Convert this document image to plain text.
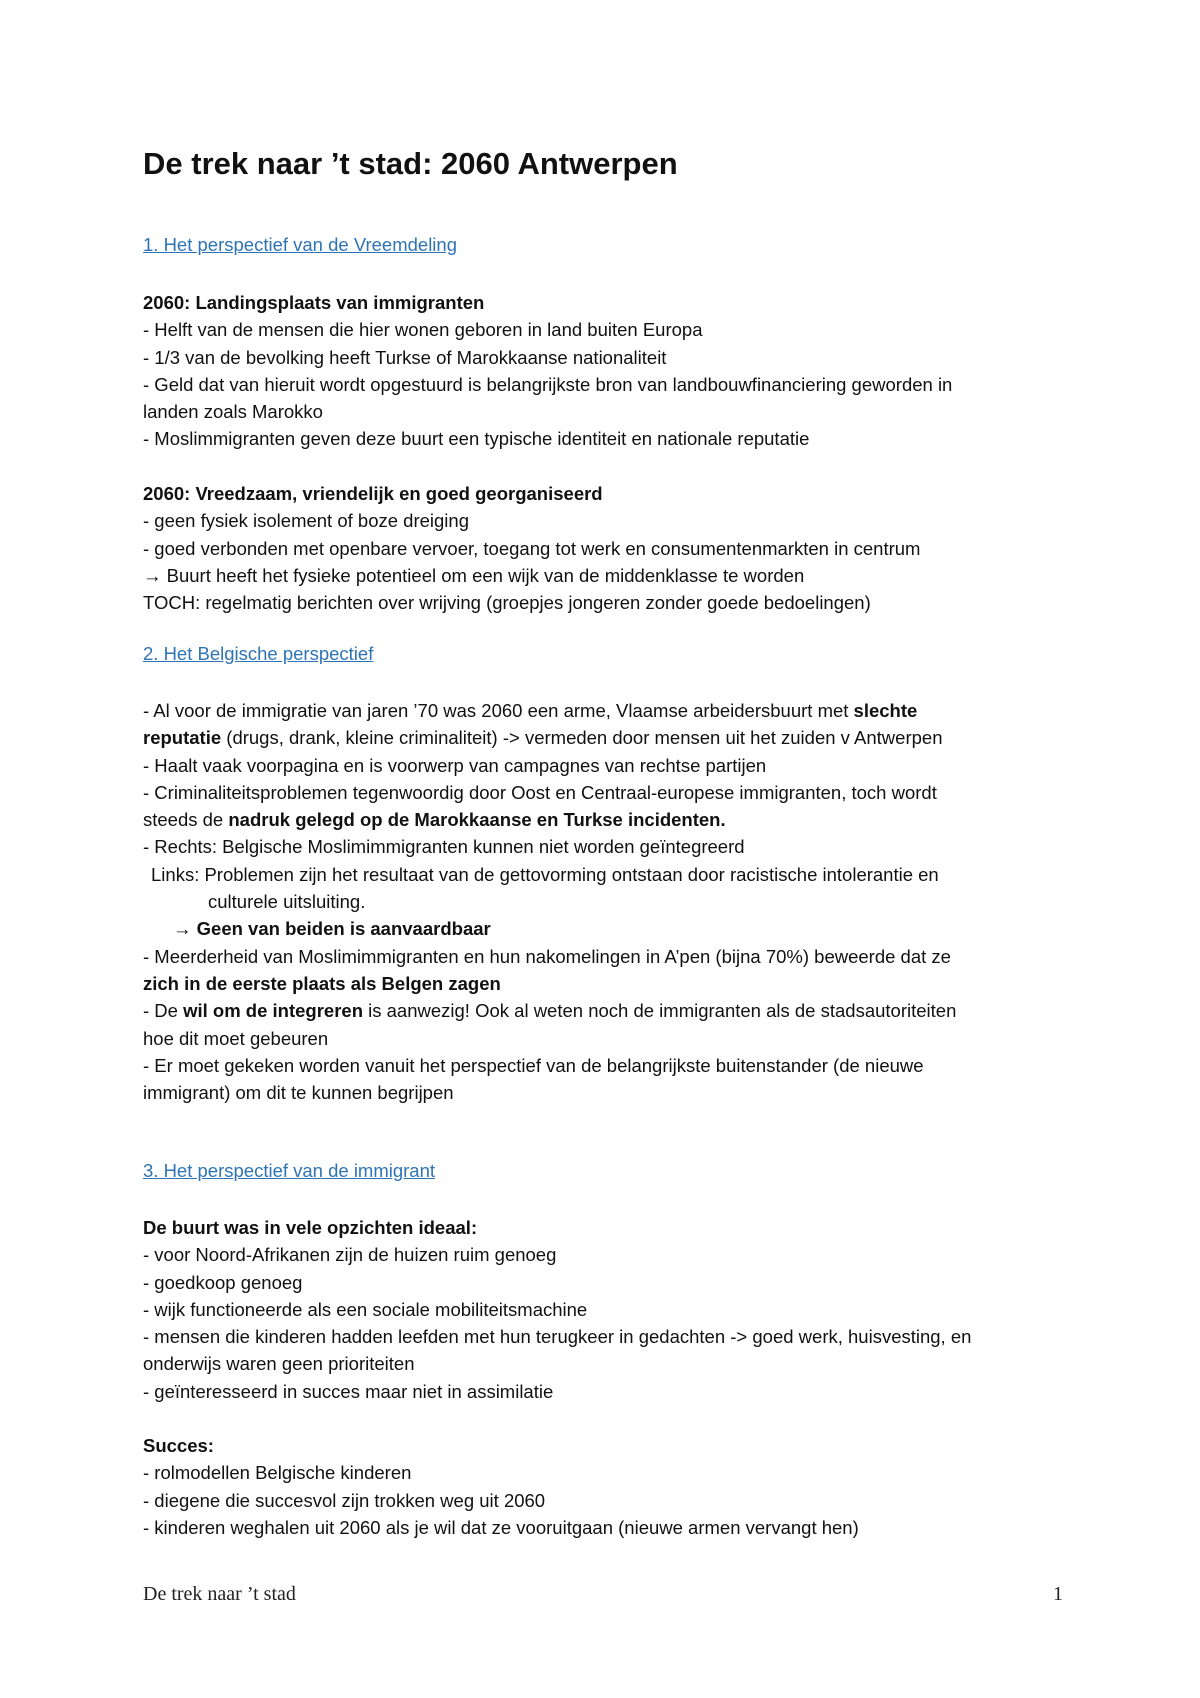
De trek naar ’t stad: 2060 Antwerpen
1. Het perspectief van de Vreemdeling

2060: Landingsplaats van immigranten

- Helft van de mensen die hier wonen geboren in land buiten Europa

- 1/3 van de bevolking heeft Turkse of Marokkaanse nationaliteit

- Geld dat van hieruit wordt opgestuurd is belangrijkste bron van landbouwfinanciering geworden in

landen zoals Marokko

- Moslimmigranten geven deze buurt een typische identiteit en nationale reputatie

2060: Vreedzaam, vriendelijk en goed georganiseerd

- geen fysiek isolement of boze dreiging

- goed verbonden met openbare vervoer, toegang tot werk en consumentenmarkten in centrum

→ Buurt heeft het fysieke potentieel om een wijk van de middenklasse te worden

TOCH: regelmatig berichten over wrijving (groepjes jongeren zonder goede bedoelingen)

2. Het Belgische perspectief

- Al voor de immigratie van jaren ’70 was 2060 een arme, Vlaamse arbeidersbuurt met slechte

reputatie (drugs, drank, kleine criminaliteit) -> vermeden door mensen uit het zuiden v Antwerpen

- Haalt vaak voorpagina en is voorwerp van campagnes van rechtse partijen

- Criminaliteitsproblemen tegenwoordig door Oost en Centraal-europese immigranten, toch wordt

steeds de nadruk gelegd op de Marokkaanse en Turkse incidenten.

- Rechts: Belgische Moslimimmigranten kunnen niet worden geïntegreerd

Links: Problemen zijn het resultaat van de gettovorming ontstaan door racistische intolerantie en

culturele uitsluiting.

→ Geen van beiden is aanvaardbaar

- Meerderheid van Moslimimmigranten en hun nakomelingen in A’pen (bijna 70%) beweerde dat ze

zich in de eerste plaats als Belgen zagen

- De wil om de integreren is aanwezig! Ook al weten noch de immigranten als de stadsautoriteiten

hoe dit moet gebeuren

- Er moet gekeken worden vanuit het perspectief van de belangrijkste buitenstander (de nieuwe

immigrant) om dit te kunnen begrijpen

3. Het perspectief van de immigrant

De buurt was in vele opzichten ideaal:

- voor Noord-Afrikanen zijn de huizen ruim genoeg

- goedkoop genoeg

- wijk functioneerde als een sociale mobiliteitsmachine

- mensen die kinderen hadden leefden met hun terugkeer in gedachten -> goed werk, huisvesting, en

onderwijs waren geen prioriteiten

- geïnteresseerd in succes maar niet in assimilatie

Succes:

- rolmodellen Belgische kinderen

- diegene die succesvol zijn trokken weg uit 2060

- kinderen weghalen uit 2060 als je wil dat ze vooruitgaan (nieuwe armen vervangt hen)

De trek naar ’t stad	1
